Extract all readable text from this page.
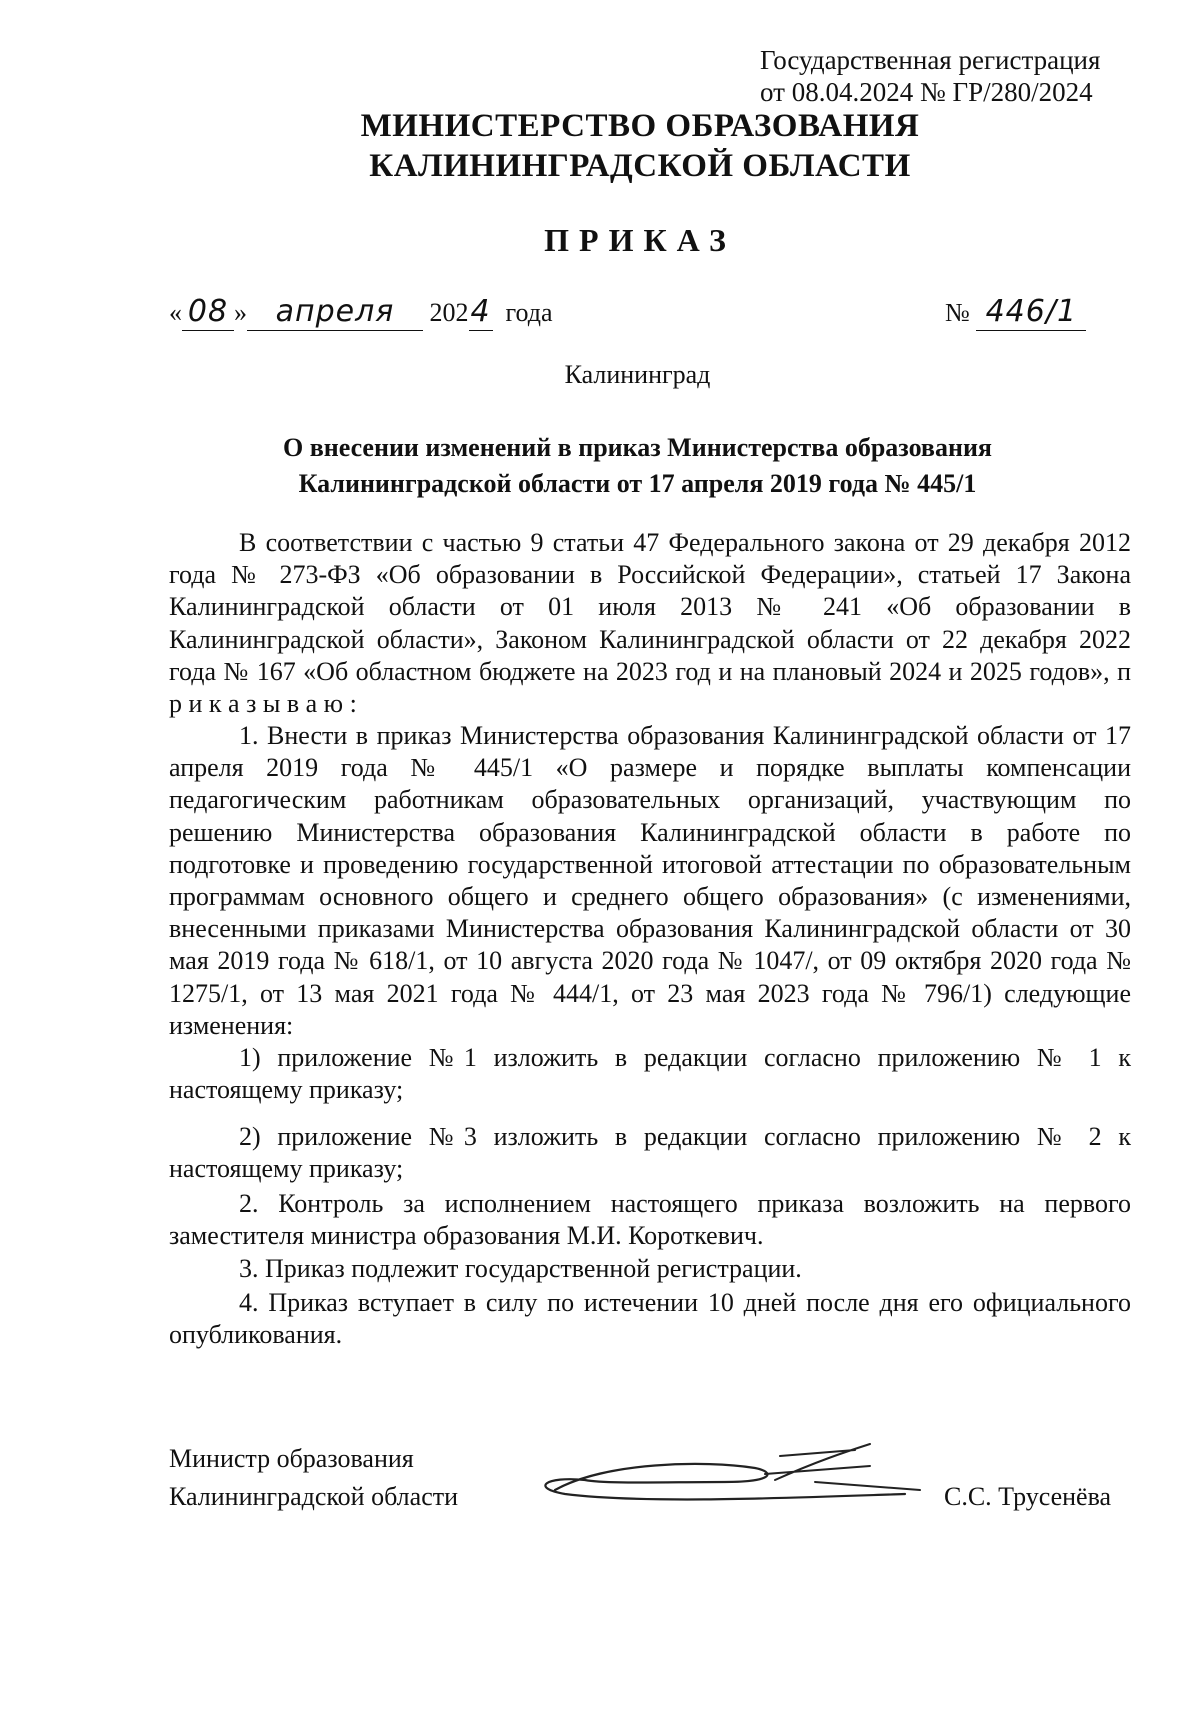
Государственная регистрация
от 08.04.2024 № ГР/280/2024
МИНИСТЕРСТВО ОБРАЗОВАНИЯ
КАЛИНИНГРАДСКОЙ ОБЛАСТИ
ПРИКАЗ
« 08 » апреля 2024 года	№ 446/1
Калининград
О внесении изменений в приказ Министерства образования
Калининградской области от 17 апреля 2019 года № 445/1
В соответствии с частью 9 статьи 47 Федерального закона от 29 декабря 2012 года № 273-ФЗ «Об образовании в Российской Федерации», статьей 17 Закона Калининградской области от 01 июля 2013 № 241 «Об образовании в Калининградской области», Законом Калининградской области от 22 декабря 2022 года № 167 «Об областном бюджете на 2023 год и на плановый 2024 и 2025 годов», п р и к а з ы в а ю :
1. Внести в приказ Министерства образования Калининградской области от 17 апреля 2019 года № 445/1 «О размере и порядке выплаты компенсации педагогическим работникам образовательных организаций, участвующим по решению Министерства образования Калининградской области в работе по подготовке и проведению государственной итоговой аттестации по образовательным программам основного общего и среднего общего образования» (с изменениями, внесенными приказами Министерства образования Калининградской области от 30 мая 2019 года № 618/1, от 10 августа 2020 года № 1047/, от 09 октября 2020 года № 1275/1, от 13 мая 2021 года № 444/1, от 23 мая 2023 года № 796/1) следующие изменения:
1) приложение №1 изложить в редакции согласно приложению № 1 к настоящему приказу;
2) приложение №3 изложить в редакции согласно приложению № 2 к настоящему приказу;
2. Контроль за исполнением настоящего приказа возложить на первого заместителя министра образования М.И. Короткевич.
3. Приказ подлежит государственной регистрации.
4. Приказ вступает в силу по истечении 10 дней после дня его официального опубликования.
Министр образования
Калининградской области	С.С. Трусенёва
